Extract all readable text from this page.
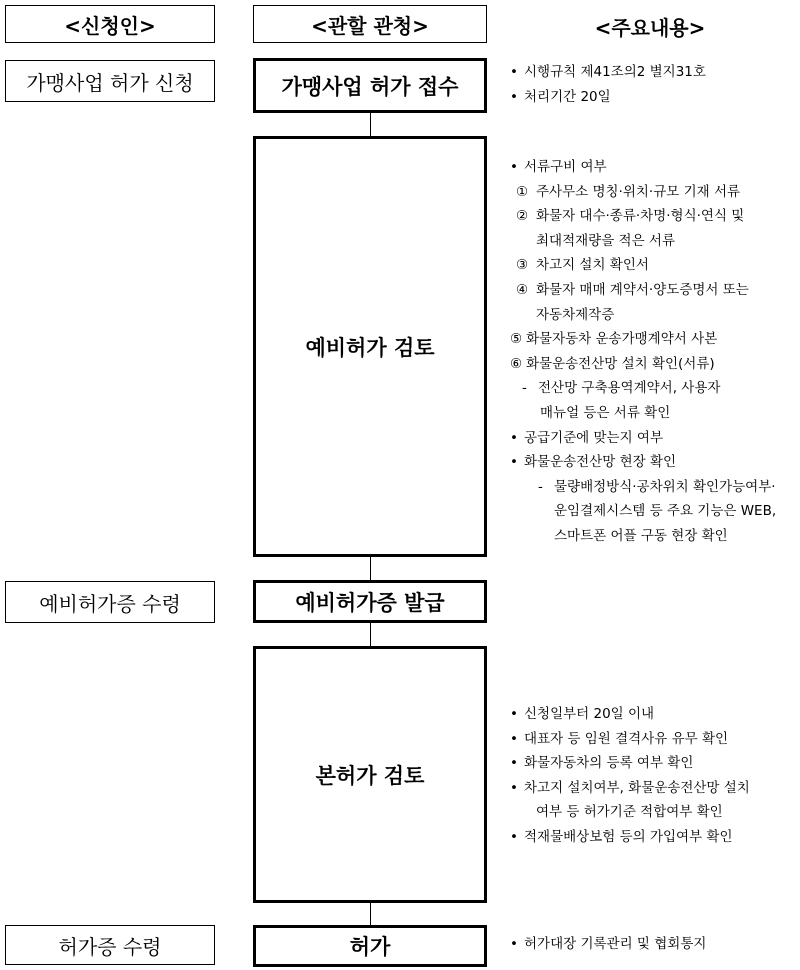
<신청인>	<관할 관청>	<주요내용>
가맹사업 허가 신청	가맹사업 허가 접수
• 시행규칙 제41조의2 별지31호
• 처리기간 20일
예비허가 검토
• 서류구비 여부
① 주사무소 명칭·위치·규모 기재 서류
② 화물자 대수·종류·차명·형식·연식 및
최대적재량을 적은 서류
③ 차고지 설치 확인서
④ 화물자 매매 계약서·양도증명서 또는
자동차제작증
⑤ 화물자동차 운송가맹계약서 사본
⑥ 화물운송전산망 설치 확인(서류)
- 전산망 구축용역계약서, 사용자
매뉴얼 등은 서류 확인
• 공급기준에 맞는지 여부
• 화물운송전산망 현장 확인
- 물량배정방식·공차위치 확인가능여부·
운임결제시스템 등 주요 기능은 WEB,
스마트폰 어플 구동 현장 확인
예비허가증 수령	예비허가증 발급
본허가 검토
• 신청일부터 20일 이내
• 대표자 등 임원 결격사유 유무 확인
• 화물자동차의 등록 여부 확인
• 차고지 설치여부, 화물운송전산망 설치
여부 등 허가기준 적합여부 확인
• 적재물배상보험 등의 가입여부 확인
허가증 수령	허가
•	허가대장 기록관리 및 협회통지
